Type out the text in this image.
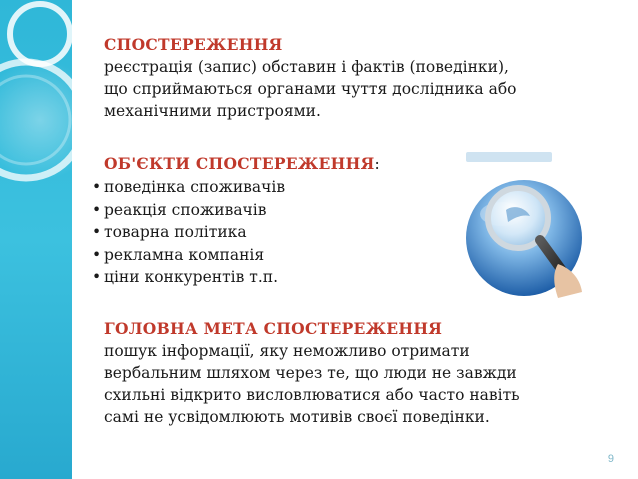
СПОСТЕРЕЖЕННЯ
реєстрація (запис) обставин і фактів (поведінки),
що сприймаються органами чуття дослідника або
механічними пристроями.
ОБ'ЄКТИ СПОСТЕРЕЖЕННЯ:
• поведінка споживачів
• реакція споживачів
• товарна політика
• рекламна компанія
• ціни конкурентів т.п.
ГОЛОВНА МЕТА СПОСТЕРЕЖЕННЯ
пошук інформації, яку неможливо отримати
вербальним шляхом через те, що люди не завжди
схильні відкрито висловлюватися або часто навіть
самі не усвідомлюють мотивів своєї поведінки.
9
